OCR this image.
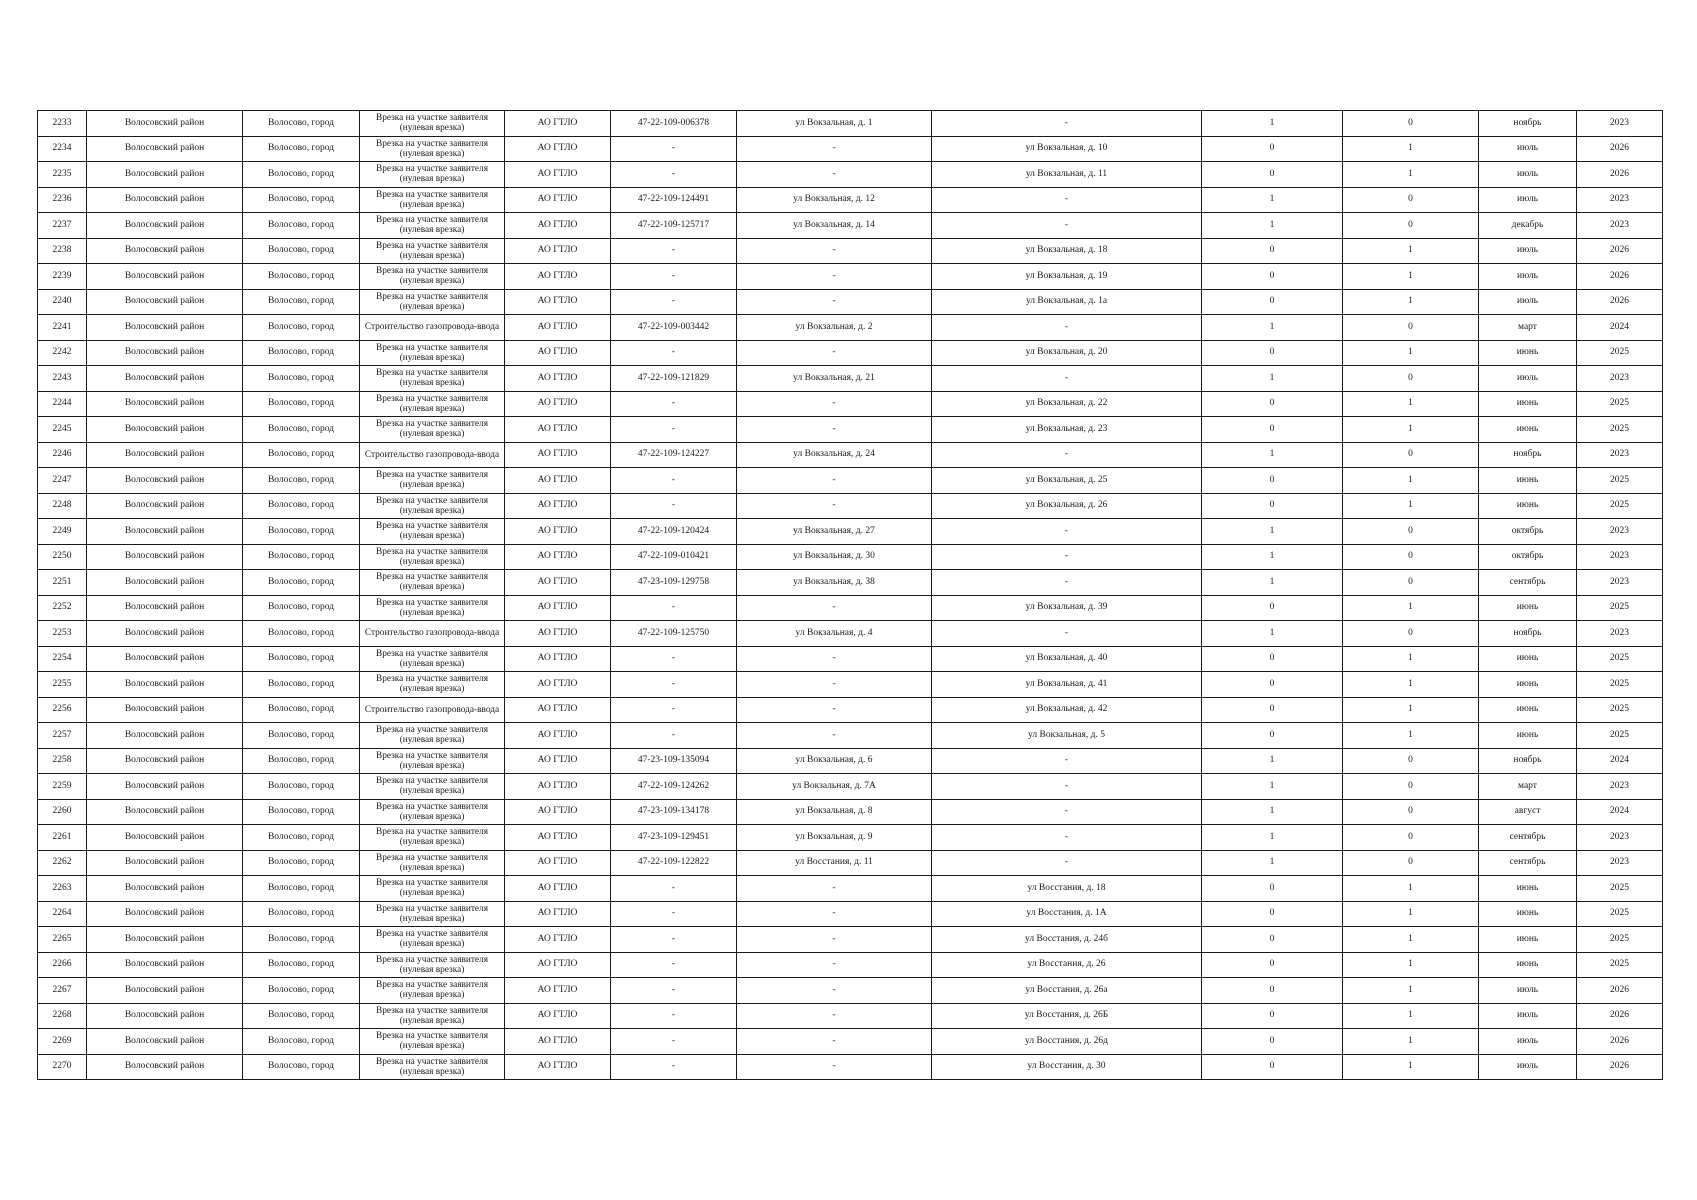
2233	Волосовский район	Волосово, город	Врезка на участке заявителя (нулевая врезка)	АО ГТЛО	47-22-109-006378	ул Вокзальная, д. 1	-	1	0	ноябрь	2023
2234	Волосовский район	Волосово, город	Врезка на участке заявителя (нулевая врезка)	АО ГТЛО	-	-	ул Вокзальная, д. 10	0	1	июль	2026
2235	Волосовский район	Волосово, город	Врезка на участке заявителя (нулевая врезка)	АО ГТЛО	-	-	ул Вокзальная, д. 11	0	1	июль	2026
2236	Волосовский район	Волосово, город	Врезка на участке заявителя (нулевая врезка)	АО ГТЛО	47-22-109-124491	ул Вокзальная, д. 12	-	1	0	июль	2023
2237	Волосовский район	Волосово, город	Врезка на участке заявителя (нулевая врезка)	АО ГТЛО	47-22-109-125717	ул Вокзальная, д. 14	-	1	0	декабрь	2023
2238	Волосовский район	Волосово, город	Врезка на участке заявителя (нулевая врезка)	АО ГТЛО	-	-	ул Вокзальная, д. 18	0	1	июль	2026
2239	Волосовский район	Волосово, город	Врезка на участке заявителя (нулевая врезка)	АО ГТЛО	-	-	ул Вокзальная, д. 19	0	1	июль	2026
2240	Волосовский район	Волосово, город	Врезка на участке заявителя (нулевая врезка)	АО ГТЛО	-	-	ул Вокзальная, д. 1а	0	1	июль	2026
2241	Волосовский район	Волосово, город	Строительство газопровода-ввода	АО ГТЛО	47-22-109-003442	ул Вокзальная, д. 2	-	1	0	март	2024
2242	Волосовский район	Волосово, город	Врезка на участке заявителя (нулевая врезка)	АО ГТЛО	-	-	ул Вокзальная, д. 20	0	1	июнь	2025
2243	Волосовский район	Волосово, город	Врезка на участке заявителя (нулевая врезка)	АО ГТЛО	47-22-109-121829	ул Вокзальная, д. 21	-	1	0	июль	2023
2244	Волосовский район	Волосово, город	Врезка на участке заявителя (нулевая врезка)	АО ГТЛО	-	-	ул Вокзальная, д. 22	0	1	июнь	2025
2245	Волосовский район	Волосово, город	Врезка на участке заявителя (нулевая врезка)	АО ГТЛО	-	-	ул Вокзальная, д. 23	0	1	июнь	2025
2246	Волосовский район	Волосово, город	Строительство газопровода-ввода	АО ГТЛО	47-22-109-124227	ул Вокзальная, д. 24	-	1	0	ноябрь	2023
2247	Волосовский район	Волосово, город	Врезка на участке заявителя (нулевая врезка)	АО ГТЛО	-	-	ул Вокзальная, д. 25	0	1	июнь	2025
2248	Волосовский район	Волосово, город	Врезка на участке заявителя (нулевая врезка)	АО ГТЛО	-	-	ул Вокзальная, д. 26	0	1	июнь	2025
2249	Волосовский район	Волосово, город	Врезка на участке заявителя (нулевая врезка)	АО ГТЛО	47-22-109-120424	ул Вокзальная, д. 27	-	1	0	октябрь	2023
2250	Волосовский район	Волосово, город	Врезка на участке заявителя (нулевая врезка)	АО ГТЛО	47-22-109-010421	ул Вокзальная, д. 30	-	1	0	октябрь	2023
2251	Волосовский район	Волосово, город	Врезка на участке заявителя (нулевая врезка)	АО ГТЛО	47-23-109-129758	ул Вокзальная, д. 38	-	1	0	сентябрь	2023
2252	Волосовский район	Волосово, город	Врезка на участке заявителя (нулевая врезка)	АО ГТЛО	-	-	ул Вокзальная, д. 39	0	1	июнь	2025
2253	Волосовский район	Волосово, город	Строительство газопровода-ввода	АО ГТЛО	47-22-109-125750	ул Вокзальная, д. 4	-	1	0	ноябрь	2023
2254	Волосовский район	Волосово, город	Врезка на участке заявителя (нулевая врезка)	АО ГТЛО	-	-	ул Вокзальная, д. 40	0	1	июнь	2025
2255	Волосовский район	Волосово, город	Врезка на участке заявителя (нулевая врезка)	АО ГТЛО	-	-	ул Вокзальная, д. 41	0	1	июнь	2025
2256	Волосовский район	Волосово, город	Строительство газопровода-ввода	АО ГТЛО	-	-	ул Вокзальная, д. 42	0	1	июнь	2025
2257	Волосовский район	Волосово, город	Врезка на участке заявителя (нулевая врезка)	АО ГТЛО	-	-	ул Вокзальная, д. 5	0	1	июнь	2025
2258	Волосовский район	Волосово, город	Врезка на участке заявителя (нулевая врезка)	АО ГТЛО	47-23-109-135094	ул Вокзальная, д. 6	-	1	0	ноябрь	2024
2259	Волосовский район	Волосово, город	Врезка на участке заявителя (нулевая врезка)	АО ГТЛО	47-22-109-124262	ул Вокзальная, д. 7А	-	1	0	март	2023
2260	Волосовский район	Волосово, город	Врезка на участке заявителя (нулевая врезка)	АО ГТЛО	47-23-109-134178	ул Вокзальная, д. 8	-	1	0	август	2024
2261	Волосовский район	Волосово, город	Врезка на участке заявителя (нулевая врезка)	АО ГТЛО	47-23-109-129451	ул Вокзальная, д. 9	-	1	0	сентябрь	2023
2262	Волосовский район	Волосово, город	Врезка на участке заявителя (нулевая врезка)	АО ГТЛО	47-22-109-122822	ул Восстания, д. 11	-	1	0	сентябрь	2023
2263	Волосовский район	Волосово, город	Врезка на участке заявителя (нулевая врезка)	АО ГТЛО	-	-	ул Восстания, д. 18	0	1	июнь	2025
2264	Волосовский район	Волосово, город	Врезка на участке заявителя (нулевая врезка)	АО ГТЛО	-	-	ул Восстания, д. 1А	0	1	июнь	2025
2265	Волосовский район	Волосово, город	Врезка на участке заявителя (нулевая врезка)	АО ГТЛО	-	-	ул Восстания, д. 24б	0	1	июнь	2025
2266	Волосовский район	Волосово, город	Врезка на участке заявителя (нулевая врезка)	АО ГТЛО	-	-	ул Восстания, д. 26	0	1	июнь	2025
2267	Волосовский район	Волосово, город	Врезка на участке заявителя (нулевая врезка)	АО ГТЛО	-	-	ул Восстания, д. 26а	0	1	июль	2026
2268	Волосовский район	Волосово, город	Врезка на участке заявителя (нулевая врезка)	АО ГТЛО	-	-	ул Восстания, д. 26Б	0	1	июль	2026
2269	Волосовский район	Волосово, город	Врезка на участке заявителя (нулевая врезка)	АО ГТЛО	-	-	ул Восстания, д. 26д	0	1	июль	2026
2270	Волосовский район	Волосово, город	Врезка на участке заявителя (нулевая врезка)	АО ГТЛО	-	-	ул Восстания, д. 30	0	1	июль	2026
